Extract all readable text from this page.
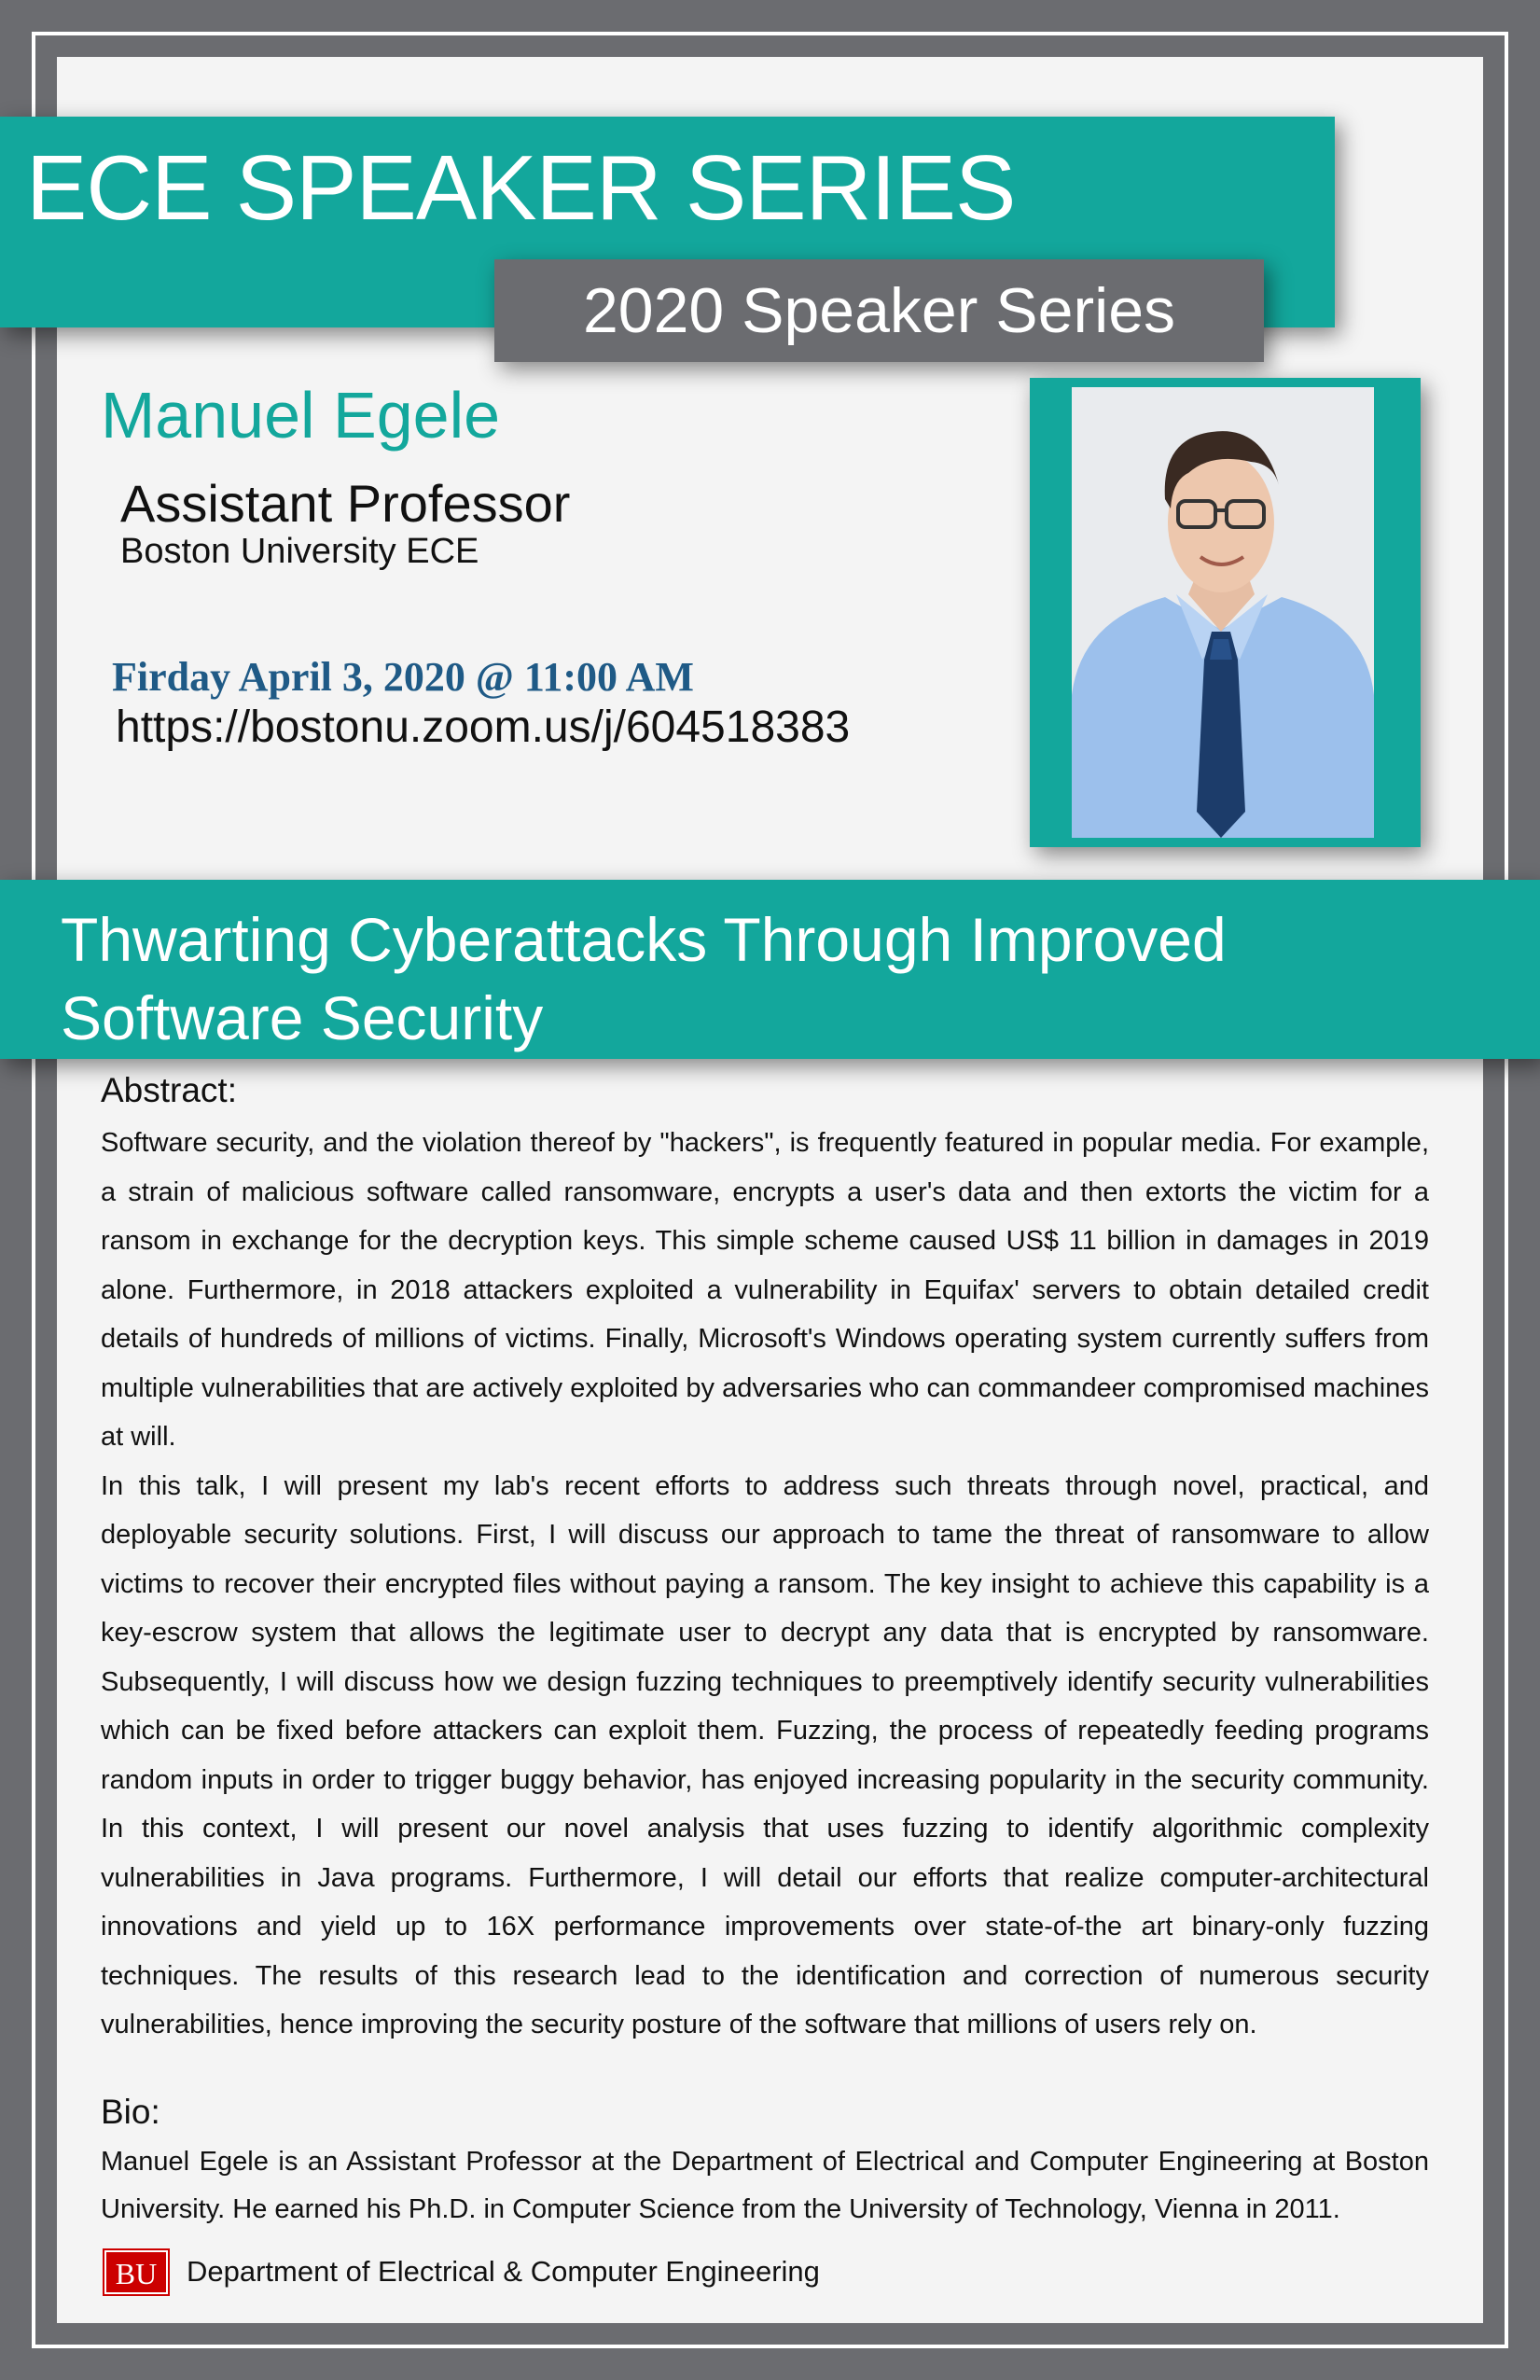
ECE SPEAKER SERIES
2020 Speaker Series
Manuel Egele
Assistant Professor
Boston University ECE
Firday April 3, 2020 @ 11:00 AM
https://bostonu.zoom.us/j/604518383
Thwarting Cyberattacks Through Improved Software Security
Abstract:

Software security, and the violation thereof by "hackers", is frequently featured in popular media. For example, a strain of malicious software called ransomware, encrypts a user's data and then extorts the victim for a ransom in exchange for the decryption keys. This simple scheme caused US$ 11 billion in damages in 2019 alone. Furthermore, in 2018 attackers exploited a vulnerability in Equifax' servers to obtain detailed credit details of hundreds of millions of victims. Finally, Microsoft's Windows operating system currently suffers from multiple vulnerabilities that are actively exploited by adversaries who can commandeer compromised machines at will.

In this talk, I will present my lab's recent efforts to address such threats through novel, practical, and deployable security solutions. First, I will discuss our approach to tame the threat of ransomware to allow victims to recover their encrypted files without paying a ransom. The key insight to achieve this capability is a key-escrow system that allows the legitimate user to decrypt any data that is encrypted by ransomware. Subsequently, I will discuss how we design fuzzing techniques to preemptively identify security vulnerabilities which can be fixed before attackers can exploit them. Fuzzing, the process of repeatedly feeding programs random inputs in order to trigger buggy behavior, has enjoyed increasing popularity in the security community. In this context, I will present our novel analysis that uses fuzzing to identify algorithmic complexity vulnerabilities in Java programs. Furthermore, I will detail our efforts that realize computer-architectural innovations and yield up to 16X performance improvements over state-of-the art binary-only fuzzing techniques. The results of this research lead to the identification and correction of numerous security vulnerabilities, hence improving the security posture of the software that millions of users rely on.

Bio:

Manuel Egele is an Assistant Professor at the Department of Electrical and Computer Engineering at Boston University. He earned his Ph.D. in Computer Science from the University of Technology, Vienna in 2011.

BU	Department of Electrical & Computer Engineering
